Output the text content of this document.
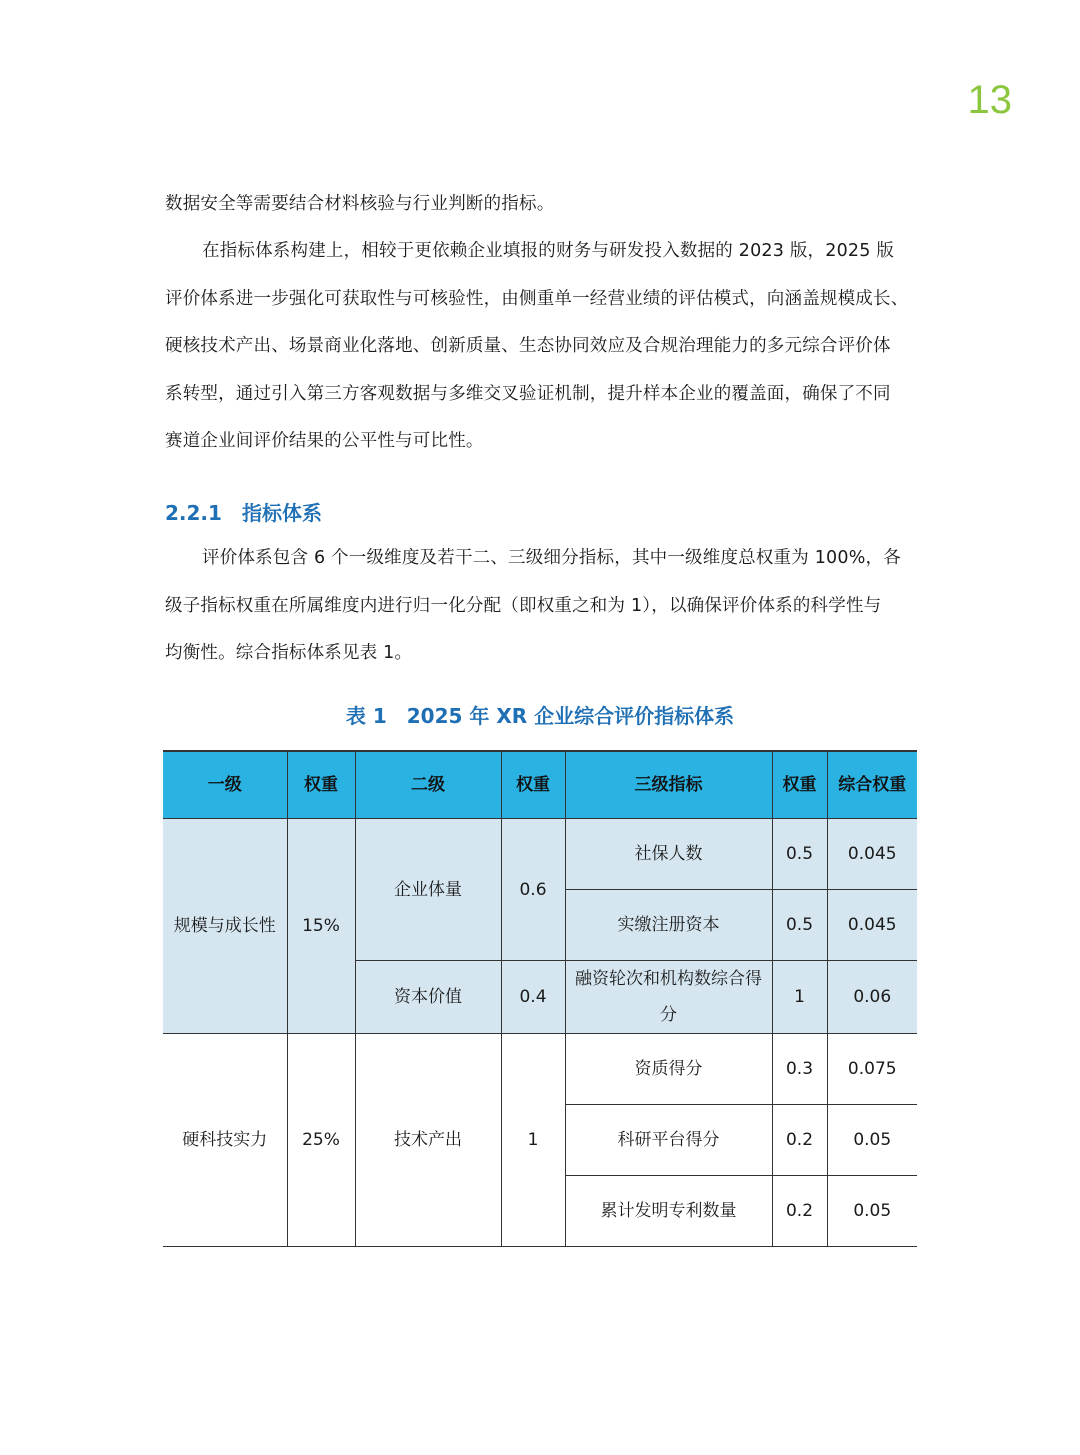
13

数据安全等需要结合材料核验与行业判断的指标。

在指标体系构建上，相较于更依赖企业填报的财务与研发投入数据的 2023 版，2025 版
评价体系进一步强化可获取性与可核验性，由侧重单一经营业绩的评估模式，向涵盖规模成长、
硬核技术产出、场景商业化落地、创新质量、生态协同效应及合规治理能力的多元综合评价体
系转型，通过引入第三方客观数据与多维交叉验证机制，提升样本企业的覆盖面，确保了不同
赛道企业间评价结果的公平性与可比性。

2.2.1 指标体系

评价体系包含 6 个一级维度及若干二、三级细分指标，其中一级维度总权重为 100%，各
级子指标权重在所属维度内进行归一化分配（即权重之和为 1），以确保评价体系的科学性与
均衡性。综合指标体系见表 1。

表 1 2025 年 XR 企业综合评价指标体系
一级	权重	二级	权重	三级指标	权重	综合权重
规模与成长性	15%	企业体量	0.6	社保人数	0.5	0.045
				实缴注册资本	0.5	0.045
		资本价值	0.4	融资轮次和机构数综合得分	1	0.06
硬科技实力	25%	技术产出	1	资质得分	0.3	0.075
				科研平台得分	0.2	0.05
				累计发明专利数量	0.2	0.05
